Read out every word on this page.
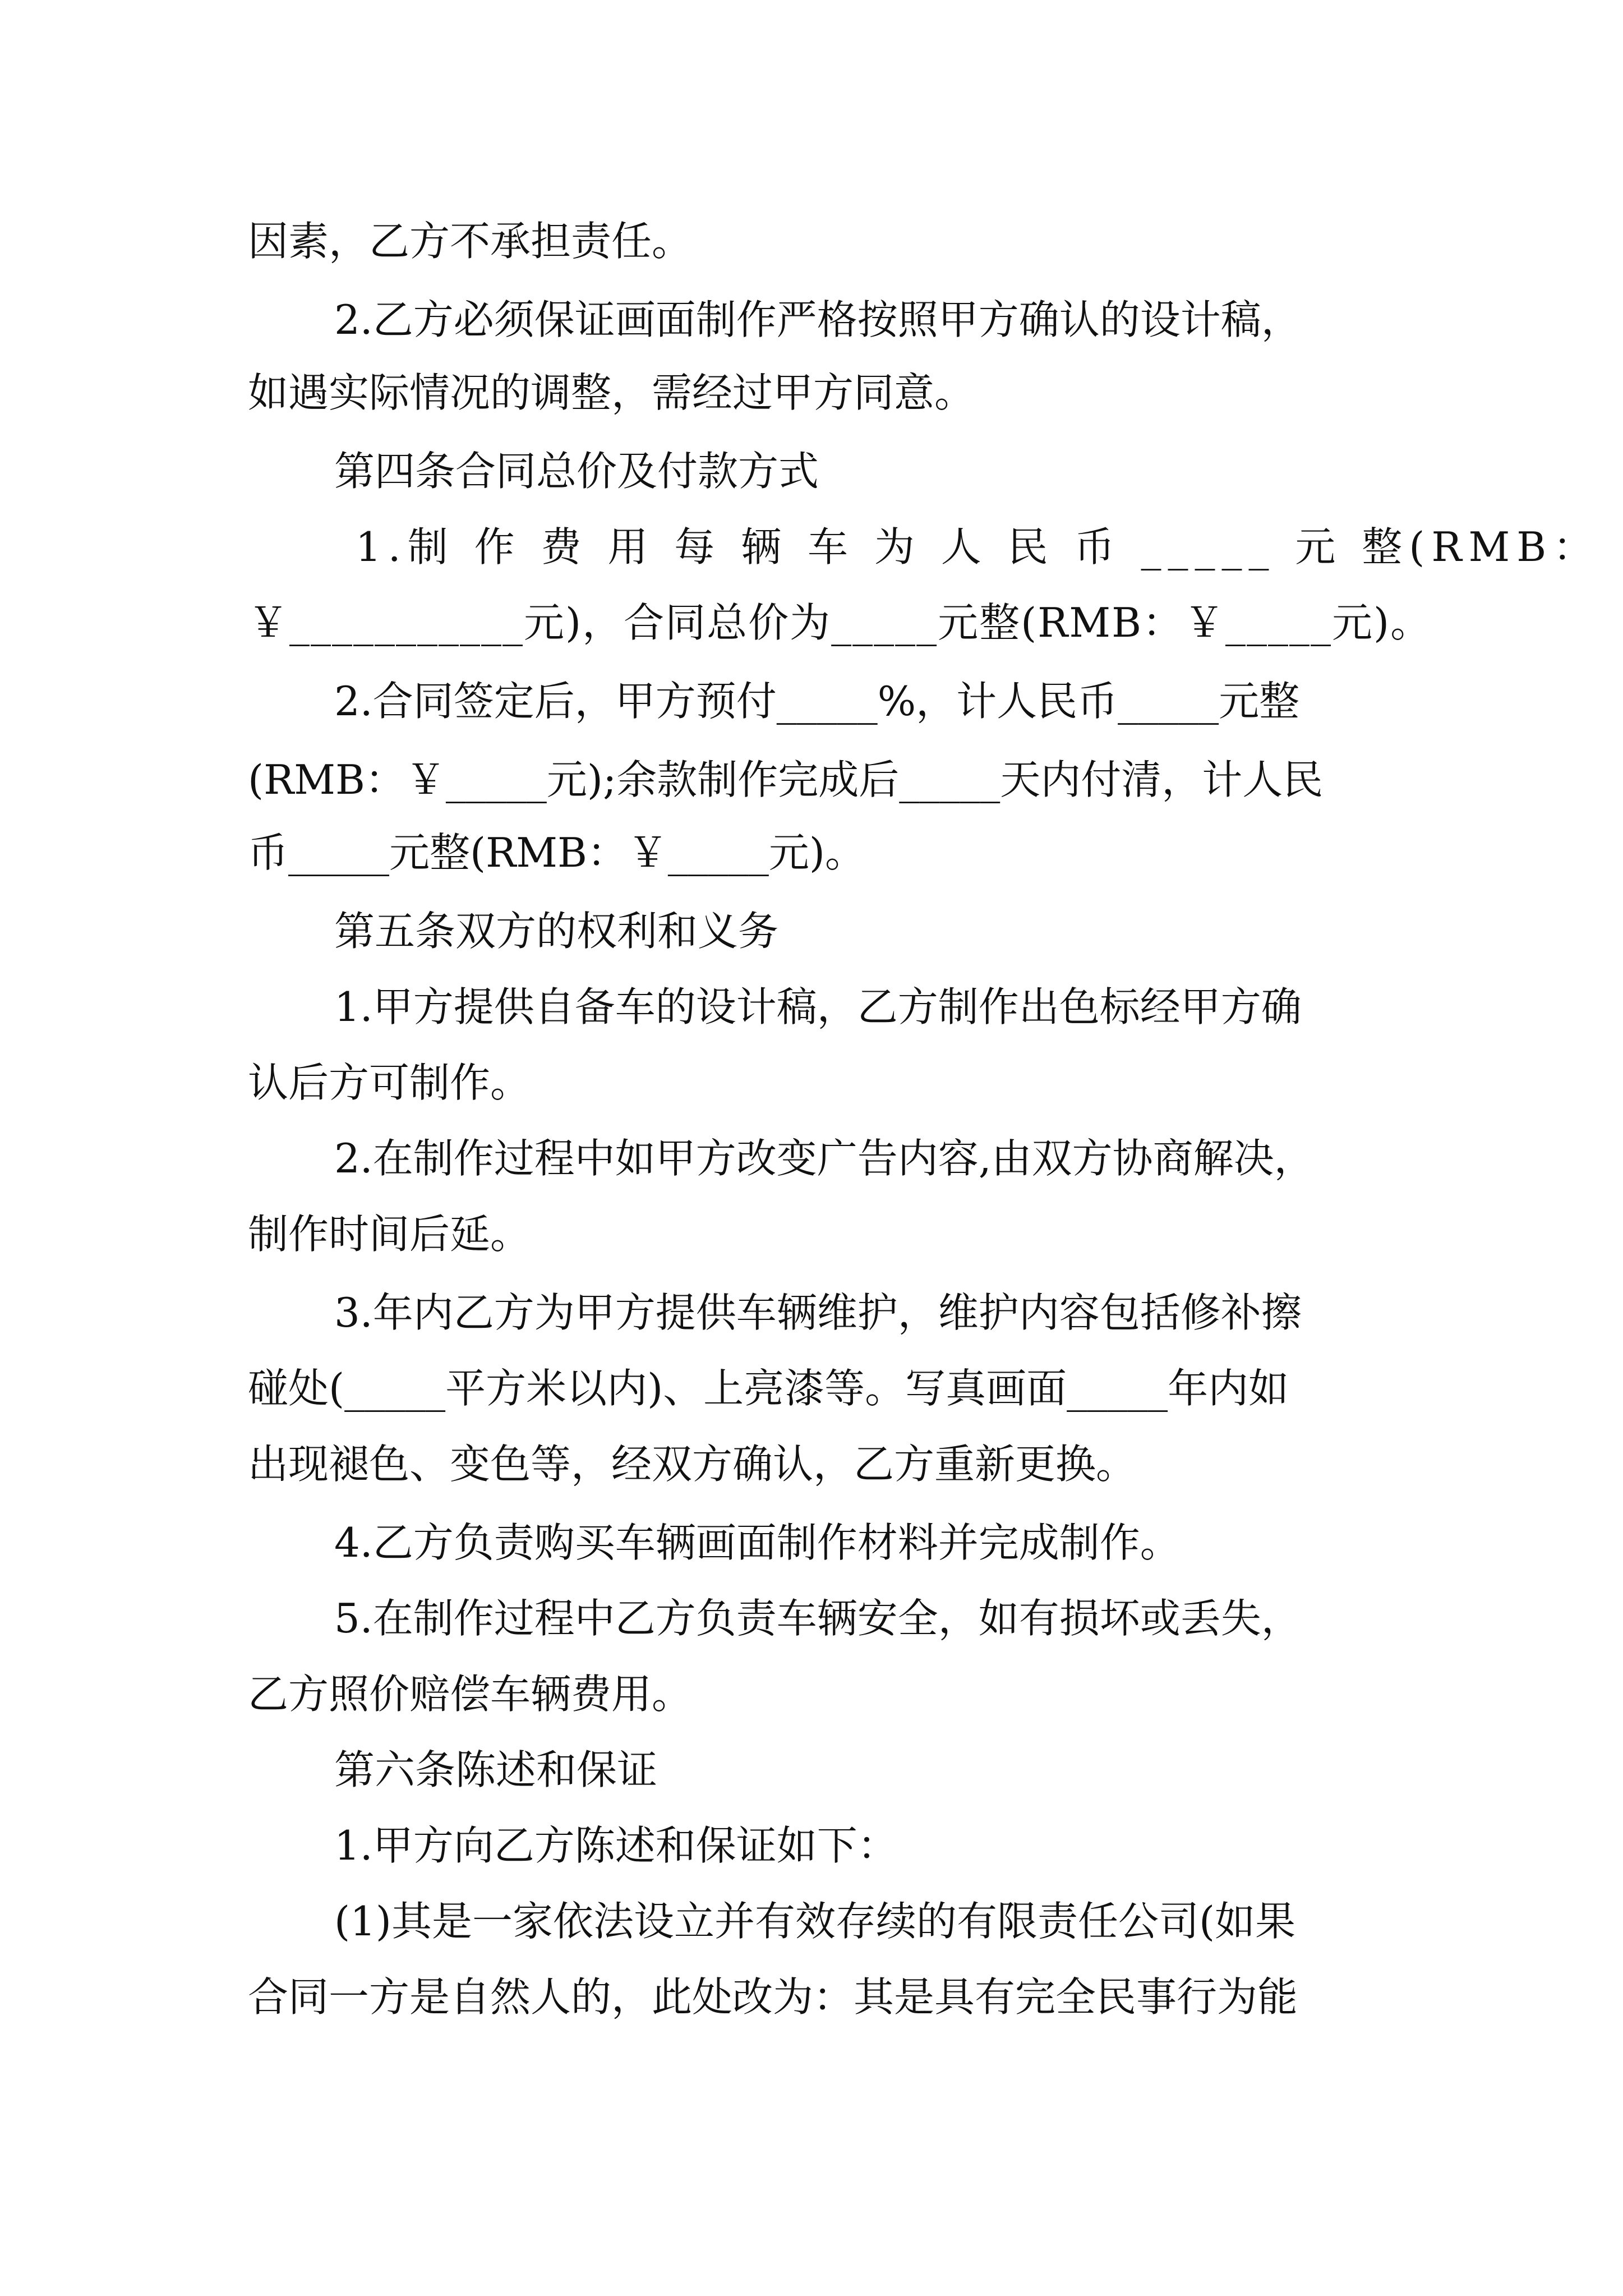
因素，乙方不承担责任。
2.乙方必须保证画面制作严格按照甲方确认的设计稿，
如遇实际情况的调整，需经过甲方同意。
第四条合同总价及付款方式
1.制 作 费 用 每 辆 车 为 人 民 币 _____ 元 整(RMB：
￥___________元)，合同总价为_____元整(RMB：￥_____元)。
2.合同签定后，甲方预付_____%，计人民币_____元整
(RMB：￥_____元);余款制作完成后_____天内付清，计人民
币_____元整(RMB：￥_____元)。
第五条双方的权利和义务
1.甲方提供自备车的设计稿，乙方制作出色标经甲方确
认后方可制作。
2.在制作过程中如甲方改变广告内容,由双方协商解决，
制作时间后延。
3.年内乙方为甲方提供车辆维护，维护内容包括修补擦
碰处(_____平方米以内)、上亮漆等。写真画面_____年内如
出现褪色、变色等，经双方确认，乙方重新更换。
4.乙方负责购买车辆画面制作材料并完成制作。
5.在制作过程中乙方负责车辆安全，如有损坏或丢失，
乙方照价赔偿车辆费用。
第六条陈述和保证
1.甲方向乙方陈述和保证如下：
(1)其是一家依法设立并有效存续的有限责任公司(如果
合同一方是自然人的，此处改为：其是具有完全民事行为能
